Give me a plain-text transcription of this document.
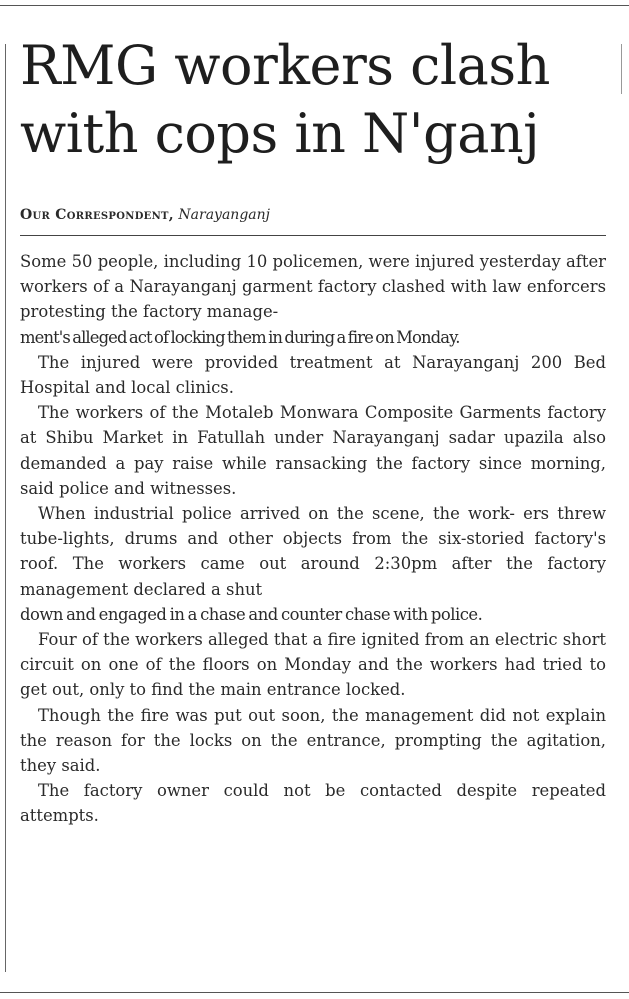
RMG workers clash
with cops in N'ganj
Our Correspondent, Narayanganj

Some 50 people, including 10 policemen, were injured yesterday after workers of a Narayanganj garment factory clashed with law enforcers protesting the factory manage-

ment's alleged act of locking them in during a fire on Monday.

The injured were provided treatment at Narayanganj 200 Bed Hospital and local clinics.

The workers of the Motaleb Monwara Composite Garments factory at Shibu Market in Fatullah under Narayanganj sadar upazila also demanded a pay raise while ransacking the factory since morning, said police and witnesses.

When industrial police arrived on the scene, the work- ers threw tube-lights, drums and other objects from the six-storied factory's roof. The workers came out around 2:30pm after the factory management declared a shut

down and engaged in a chase and counter chase with police.

Four of the workers alleged that a fire ignited from an electric short circuit on one of the floors on Monday and the workers had tried to get out, only to find the main entrance locked.

Though the fire was put out soon, the management did not explain the reason for the locks on the entrance, prompting the agitation, they said.

The factory owner could not be contacted despite repeated attempts.
